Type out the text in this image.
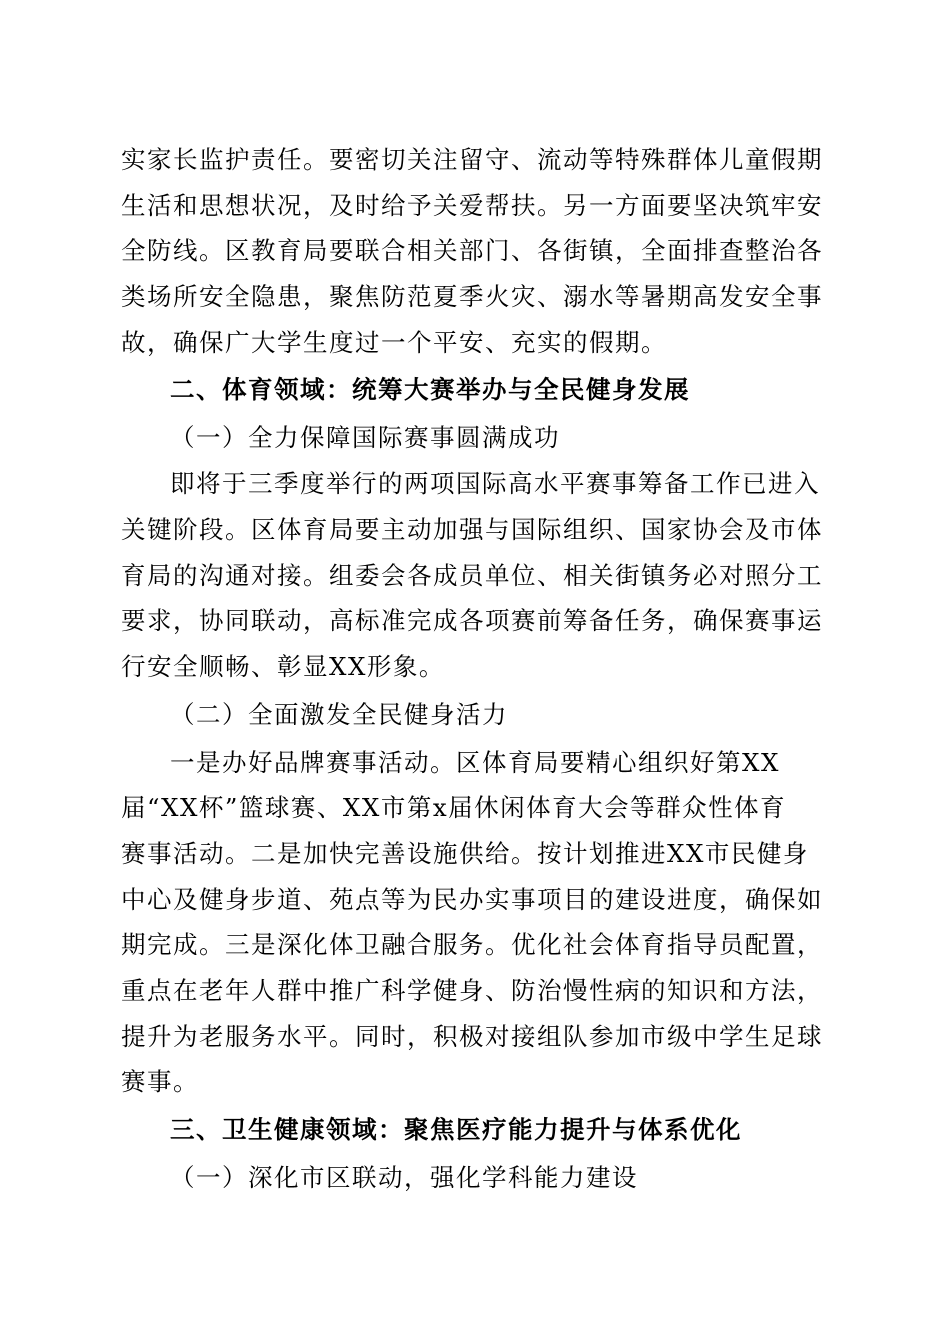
实家长监护责任。要密切关注留守、流动等特殊群体儿童假期
生活和思想状况，及时给予关爱帮扶。另一方面要坚决筑牢安
全防线。区教育局要联合相关部门、各街镇，全面排查整治各
类场所安全隐患，聚焦防范夏季火灾、溺水等暑期高发安全事
故，确保广大学生度过一个平安、充实的假期。
二、体育领域：统筹大赛举办与全民健身发展
（一）全力保障国际赛事圆满成功
即将于三季度举行的两项国际高水平赛事筹备工作已进入
关键阶段。区体育局要主动加强与国际组织、国家协会及市体
育局的沟通对接。组委会各成员单位、相关街镇务必对照分工
要求，协同联动，高标准完成各项赛前筹备任务，确保赛事运
行安全顺畅、彰显XX形象。
（二）全面激发全民健身活力
一是办好品牌赛事活动。区体育局要精心组织好第XX
届“XX杯”篮球赛、XX市第x届休闲体育大会等群众性体育
赛事活动。二是加快完善设施供给。按计划推进XX市民健身
中心及健身步道、苑点等为民办实事项目的建设进度，确保如
期完成。三是深化体卫融合服务。优化社会体育指导员配置，
重点在老年人群中推广科学健身、防治慢性病的知识和方法，
提升为老服务水平。同时，积极对接组队参加市级中学生足球
赛事。
三、卫生健康领域：聚焦医疗能力提升与体系优化
（一）深化市区联动，强化学科能力建设
